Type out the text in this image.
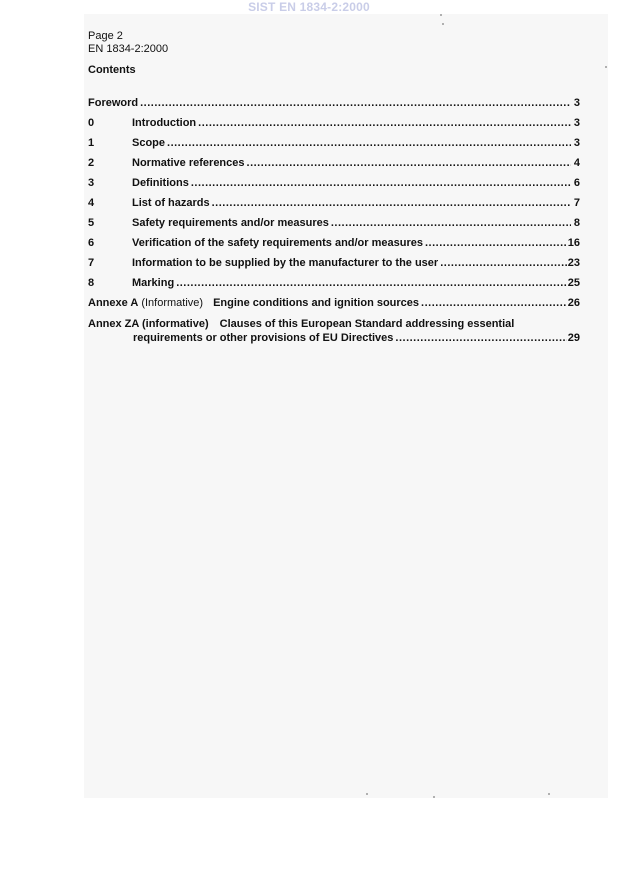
SIST EN 1834-2:2000
Page 2
EN 1834-2:2000
Contents
Foreword .....	3
0	Introduction .....	3
1	Scope .....	3
2	Normative references .....	4
3	Definitions .....	6
4	List of hazards .....	7
5	Safety requirements and/or measures .....	8
6	Verification of the safety requirements and/or measures .....	16
7	Information to be supplied by the manufacturer to the user .....	23
8	Marking .....	25
Annexe A (Informative) Engine conditions and ignition sources .....	26
Annex ZA (informative) Clauses of this European Standard addressing essential
requirements or other provisions of EU Directives .....	29
